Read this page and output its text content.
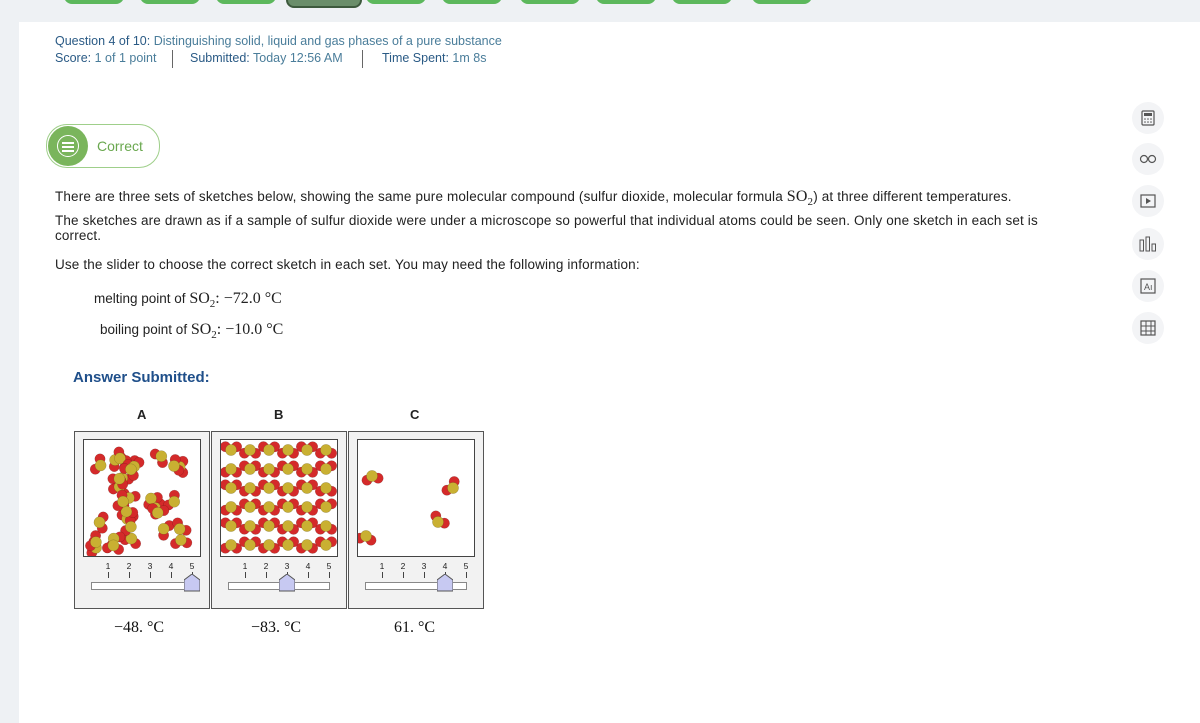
Question 4 of 10: Distinguishing solid, liquid and gas phases of a pure substance
Score: 1 of 1 point	Submitted: Today 12:56 AM	Time Spent: 1m 8s
Correct
There are three sets of sketches below, showing the same pure molecular compound (sulfur dioxide, molecular formula $SO_2$) at three different temperatures.
The sketches are drawn as if a sample of sulfur dioxide were under a microscope so powerful that individual atoms could be seen. Only one sketch in each set is
correct.
Use the slider to choose the correct sketch in each set. You may need the following information:
melting point of $SO_2$: −72.0 °C
boiling point of $SO_2$: −10.0 °C
Answer Submitted:
A
1	2	3	4	5
−48. °C
B
1	2	3	4	5
−83. °C
C
1	2	3	4	5
61. °C
Aı
